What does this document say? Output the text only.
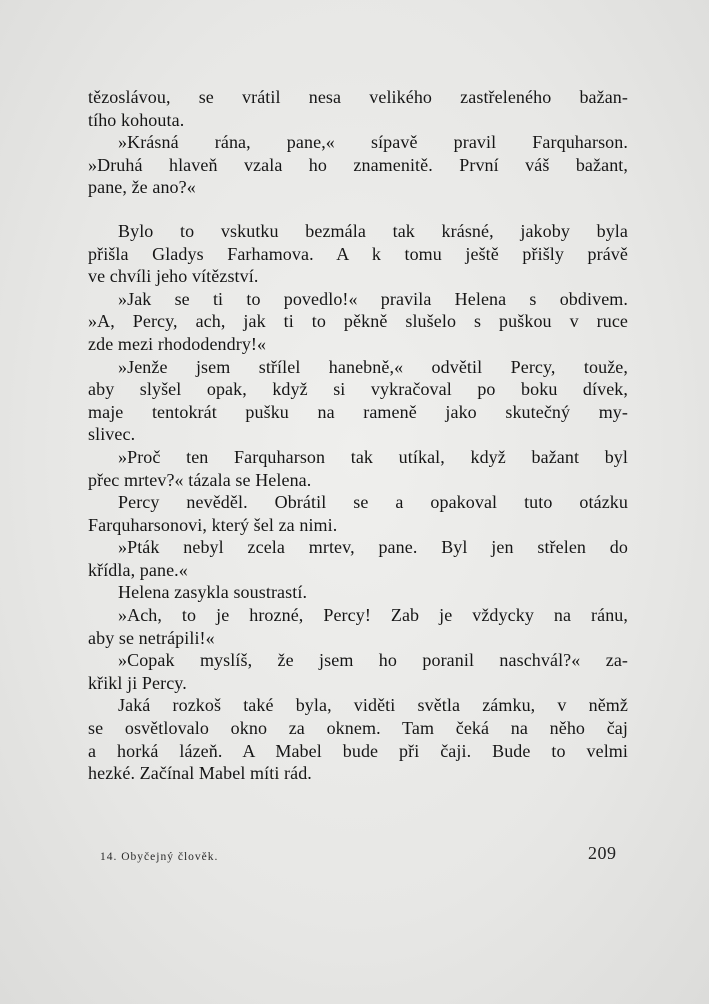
tězoslávou, se vrátil nesa velikého zastřeleného bažan-
tího kohouta.
»Krásná rána, pane,« sípavě pravil Farquharson.
»Druhá hlaveň vzala ho znamenitě. První váš bažant,
pane, že ano?«
Bylo to vskutku bezmála tak krásné, jakoby byla
přišla Gladys Farhamova. A k tomu ještě přišly právě
ve chvíli jeho vítězství.
»Jak se ti to povedlo!« pravila Helena s obdivem.
»A, Percy, ach, jak ti to pěkně slušelo s puškou v ruce
zde mezi rhododendry!«
»Jenže jsem střílel hanebně,« odvětil Percy, touže,
aby slyšel opak, když si vykračoval po boku dívek,
maje tentokrát pušku na rameně jako skutečný my-
slivec.
»Proč ten Farquharson tak utíkal, když bažant byl
přec mrtev?« tázala se Helena.
Percy nevěděl. Obrátil se a opakoval tuto otázku
Farquharsonovi, který šel za nimi.
»Pták nebyl zcela mrtev, pane. Byl jen střelen do
křídla, pane.«
Helena zasykla soustrastí.
»Ach, to je hrozné, Percy! Zab je vždycky na ránu,
aby se netrápili!«
»Copak myslíš, že jsem ho poranil naschvál?« za-
křikl ji Percy.
Jaká rozkoš také byla, viděti světla zámku, v němž
se osvětlovalo okno za oknem. Tam čeká na něho čaj
a horká lázeň. A Mabel bude při čaji. Bude to velmi
hezké. Začínal Mabel míti rád.
14. Obyčejný člověk.	209
